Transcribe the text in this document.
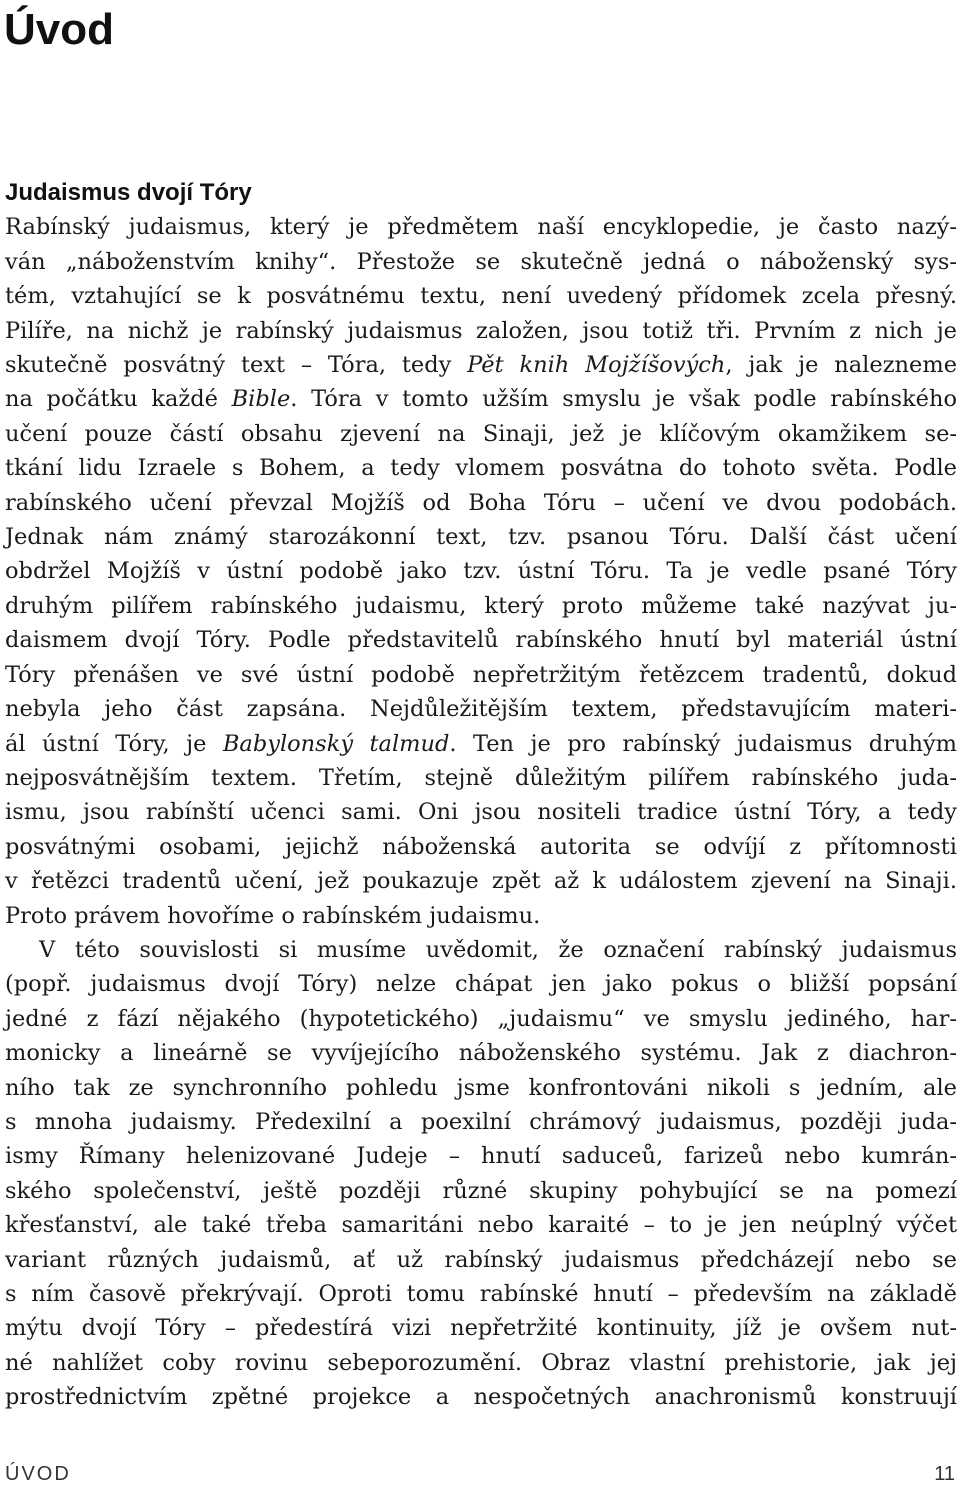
Úvod
Judaismus dvojí Tóry
Rabínský judaismus, který je předmětem naší encyklopedie, je často nazý-
ván „náboženstvím knihy“. Přestože se skutečně jedná o náboženský sys-
tém, vztahující se k posvátnému textu, není uvedený přídomek zcela přesný.
Pilíře, na nichž je rabínský judaismus založen, jsou totiž tři. Prvním z nich je
skutečně posvátný text – Tóra, tedy Pět knih Mojžíšových, jak je nalezneme
na počátku každé Bible. Tóra v tomto užším smyslu je však podle rabínského
učení pouze částí obsahu zjevení na Sinaji, jež je klíčovým okamžikem se-
tkání lidu Izraele s Bohem, a tedy vlomem posvátna do tohoto světa. Podle
rabínského učení převzal Mojžíš od Boha Tóru – učení ve dvou podobách.
Jednak nám známý starozákonní text, tzv. psanou Tóru. Další část učení
obdržel Mojžíš v ústní podobě jako tzv. ústní Tóru. Ta je vedle psané Tóry
druhým pilířem rabínského judaismu, který proto můžeme také nazývat ju-
daismem dvojí Tóry. Podle představitelů rabínského hnutí byl materiál ústní
Tóry přenášen ve své ústní podobě nepřetržitým řetězcem tradentů, dokud
nebyla jeho část zapsána. Nejdůležitějším textem, představujícím materi-
ál ústní Tóry, je Babylonský talmud. Ten je pro rabínský judaismus druhým
nejposvátnějším textem. Třetím, stejně důležitým pilířem rabínského juda-
ismu, jsou rabínští učenci sami. Oni jsou nositeli tradice ústní Tóry, a tedy
posvátnými osobami, jejichž náboženská autorita se odvíjí z přítomnosti
v řetězci tradentů učení, jež poukazuje zpět až k událostem zjevení na Sinaji.
Proto právem hovoříme o rabínském judaismu.
V této souvislosti si musíme uvědomit, že označení rabínský judaismus
(popř. judaismus dvojí Tóry) nelze chápat jen jako pokus o bližší popsání
jedné z fází nějakého (hypotetického) „judaismu“ ve smyslu jediného, har-
monicky a lineárně se vyvíjejícího náboženského systému. Jak z diachron-
ního tak ze synchronního pohledu jsme konfrontováni nikoli s jedním, ale
s mnoha judaismy. Předexilní a poexilní chrámový judaismus, později juda-
ismy Římany helenizované Judeje – hnutí saduceů, farizeů nebo kumrán-
ského společenství, ještě později různé skupiny pohybující se na pomezí
křesťanství, ale také třeba samaritáni nebo karaité – to je jen neúplný výčet
variant různých judaismů, ať už rabínský judaismus předcházejí nebo se
s ním časově překrývají. Oproti tomu rabínské hnutí – především na základě
mýtu dvojí Tóry – předestírá vizi nepřetržité kontinuity, jíž je ovšem nut-
né nahlížet coby rovinu sebeporozumění. Obraz vlastní prehistorie, jak jej
prostřednictvím zpětné projekce a nespočetných anachronismů konstruují
ÚVOD	11
